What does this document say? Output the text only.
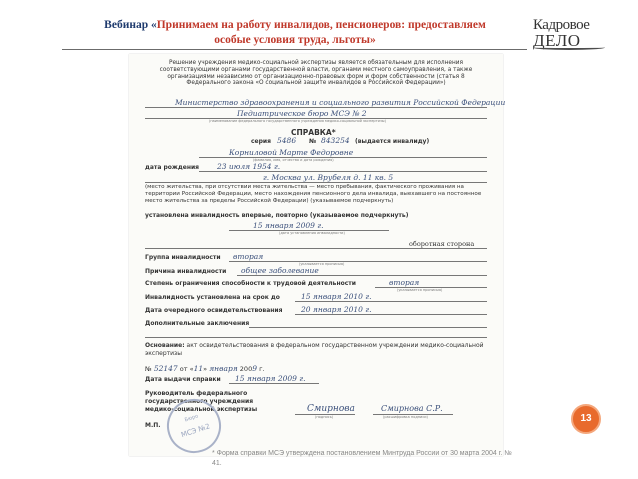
Вебинар «Принимаем на работу инвалидов, пенсионеров: предоставляем
особые условия труда, льготы»
Кадровое
ДЕЛО
Решение учреждения медико-социальной экспертизы является обязательным для исполнения соответствующими органами государственной власти, органами местного самоуправления, а также организациями независимо от организационно-правовых форм и форм собственности (статья 8 Федерального закона «О социальной защите инвалидов в Российской Федерации»)
Министерство здравоохранения и социального развития Российской Федерации
Педиатрическое бюро МСЭ № 2
(наименование федерального государственного учреждения медико-социальной экспертизы)
СПРАВКА*
серия 5486 № 843254 (выдается инвалиду)
Корниловой Марте Федоровне
(фамилия, имя, отчество и дата рождения)
дата рождения 23 июля 1954 г.
г. Москва ул. Врубеля д. 11 кв. 5
(место жительства, при отсутствии места жительства — место пребывания, фактического проживания на территории Российской Федерации, место нахождения пенсионного дела инвалида, выехавшего на постоянное место жительства за пределы Российской Федерации) (указываемое подчеркнуть)
установлена инвалидность впервые, повторно (указываемое подчеркнуть)
15 января 2009 г.
(дата установления инвалидности)
оборотная сторона
Группа инвалидности вторая
(указывается прописью)
Причина инвалидности общее заболевание
Степень ограничения способности к трудовой деятельности	вторая
(указывается прописью)
Инвалидность установлена на срок до	15 января 2010 г.
Дата очередного освидетельствования 20 января 2010 г.
Дополнительные заключения
Основание: акт освидетельствования в федеральном государственном учреждении медико-социальной экспертизы
№ 52147 от «11» января 2009 г.
Дата выдачи справки 15 января 2009 г.
Руководитель федерального
государственного учреждения
медико-социальной экспертизы	Смирнова
(подпись)
Смирнова С.Р.
(расшифровка подписи)
М.П.
Бюро
МСЭ №2
* Форма справки МСЭ утверждена постановлением Минтруда России от 30 марта 2004 г. № 41.
13
